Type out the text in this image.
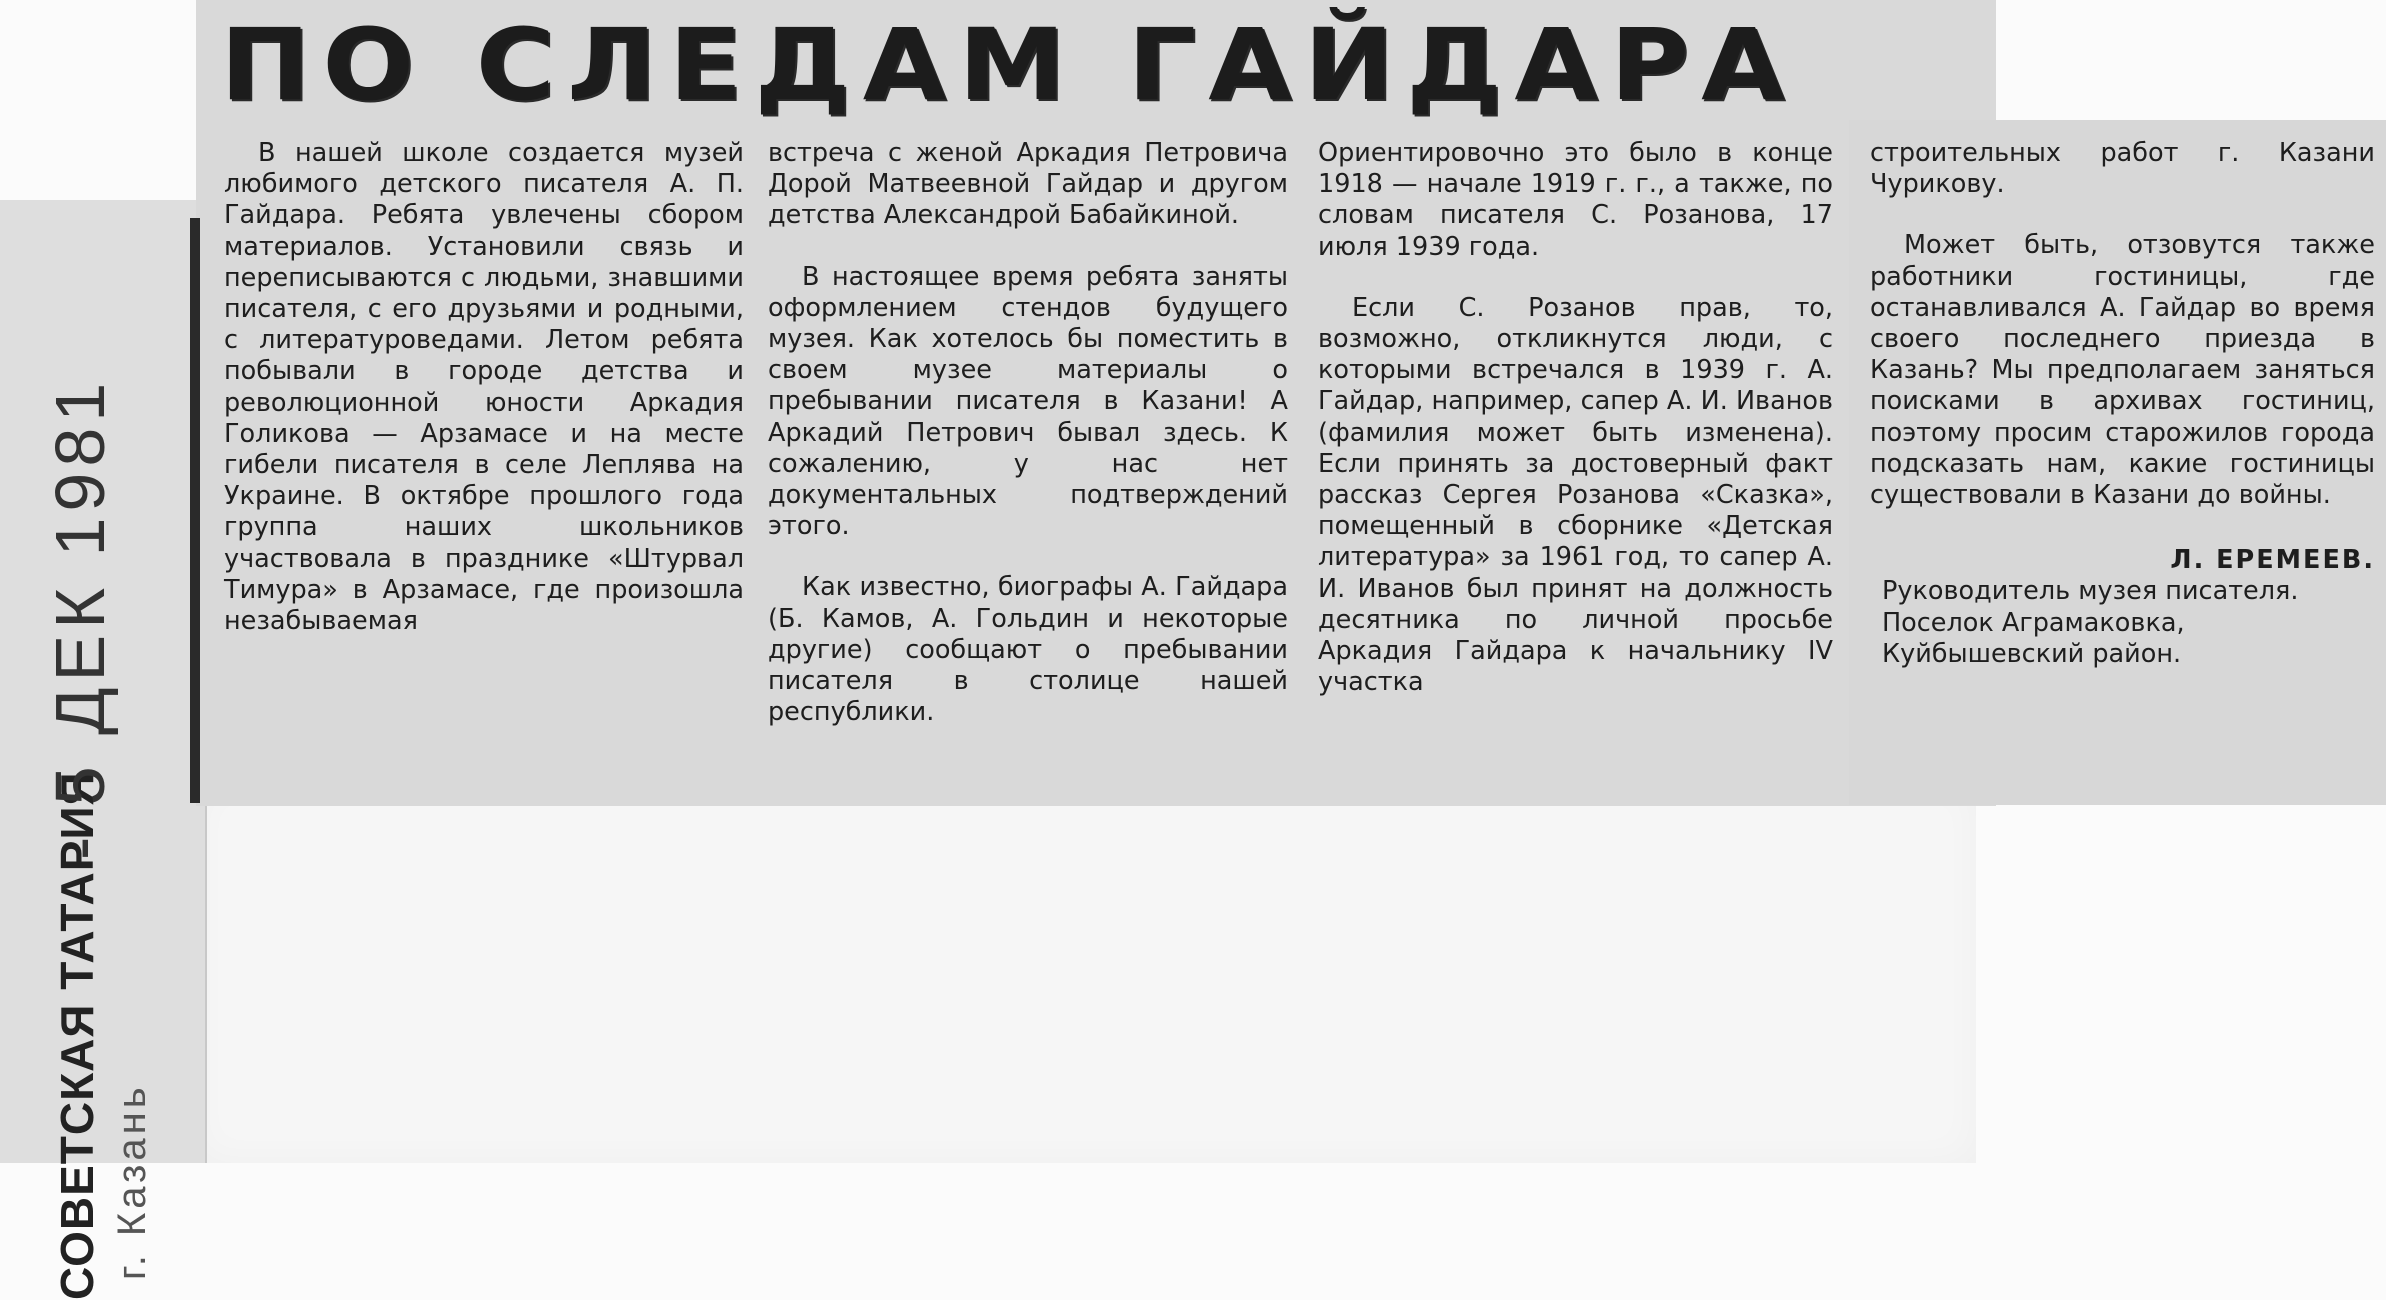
СОВЕТСКАЯ ТАТАРИЯ г. Казань
- 5 ДЕК 1981
ПО СЛЕДАМ ГАЙДАРА

В нашей школе создается музей любимого детского писателя А. П. Гайдара. Ребята увлечены сбором материалов. Установили связь и переписываются с людьми, знавшими писателя, с его друзьями и родными, с литературоведами. Летом ребята побывали в городе детства и революционной юности Аркадия Голикова — Арзамасе и на месте гибели писателя в селе Леплява на Украине. В октябре прошлого года группа наших школьников участвовала в празднике «Штурвал Тимура» в Арзамасе, где произошла незабываемая

встреча с женой Аркадия Петровича Дорой Матвеевной Гайдар и другом детства Александрой Бабайкиной.

В настоящее время ребята заняты оформлением стендов будущего музея. Как хотелось бы поместить в своем музее материалы о пребывании писателя в Казани! А Аркадий Петрович бывал здесь. К сожалению, у нас нет документальных подтверждений этого.

Как известно, биографы А. Гайдара (Б. Камов, А. Гольдин и некоторые другие) сообщают о пребывании писателя в столице нашей республики.

Ориентировочно это было в конце 1918 — начале 1919 г. г., а также, по словам писателя С. Розанова, 17 июля 1939 года.

Если С. Розанов прав, то, возможно, откликнутся люди, с которыми встречался в 1939 г. А. Гайдар, например, сапер А. И. Иванов (фамилия может быть изменена). Если принять за достоверный факт рассказ Сергея Розанова «Сказка», помещенный в сборнике «Детская литература» за 1961 год, то сапер А. И. Иванов был принят на должность десятника по личной просьбе Аркадия Гайдара к начальнику IV участка

строительных работ г. Казани Чурикову.

Может быть, отзовутся также работники гостиницы, где останавливался А. Гайдар во время своего последнего приезда в Казань? Мы предполагаем заняться поисками в архивах гостиниц, поэтому просим старожилов города подсказать нам, какие гостиницы существовали в Казани до войны.

Л. ЕРЕМЕЕВ.

Руководитель музея писателя.

Поселок Аграмаковка, Куйбышевский район.
